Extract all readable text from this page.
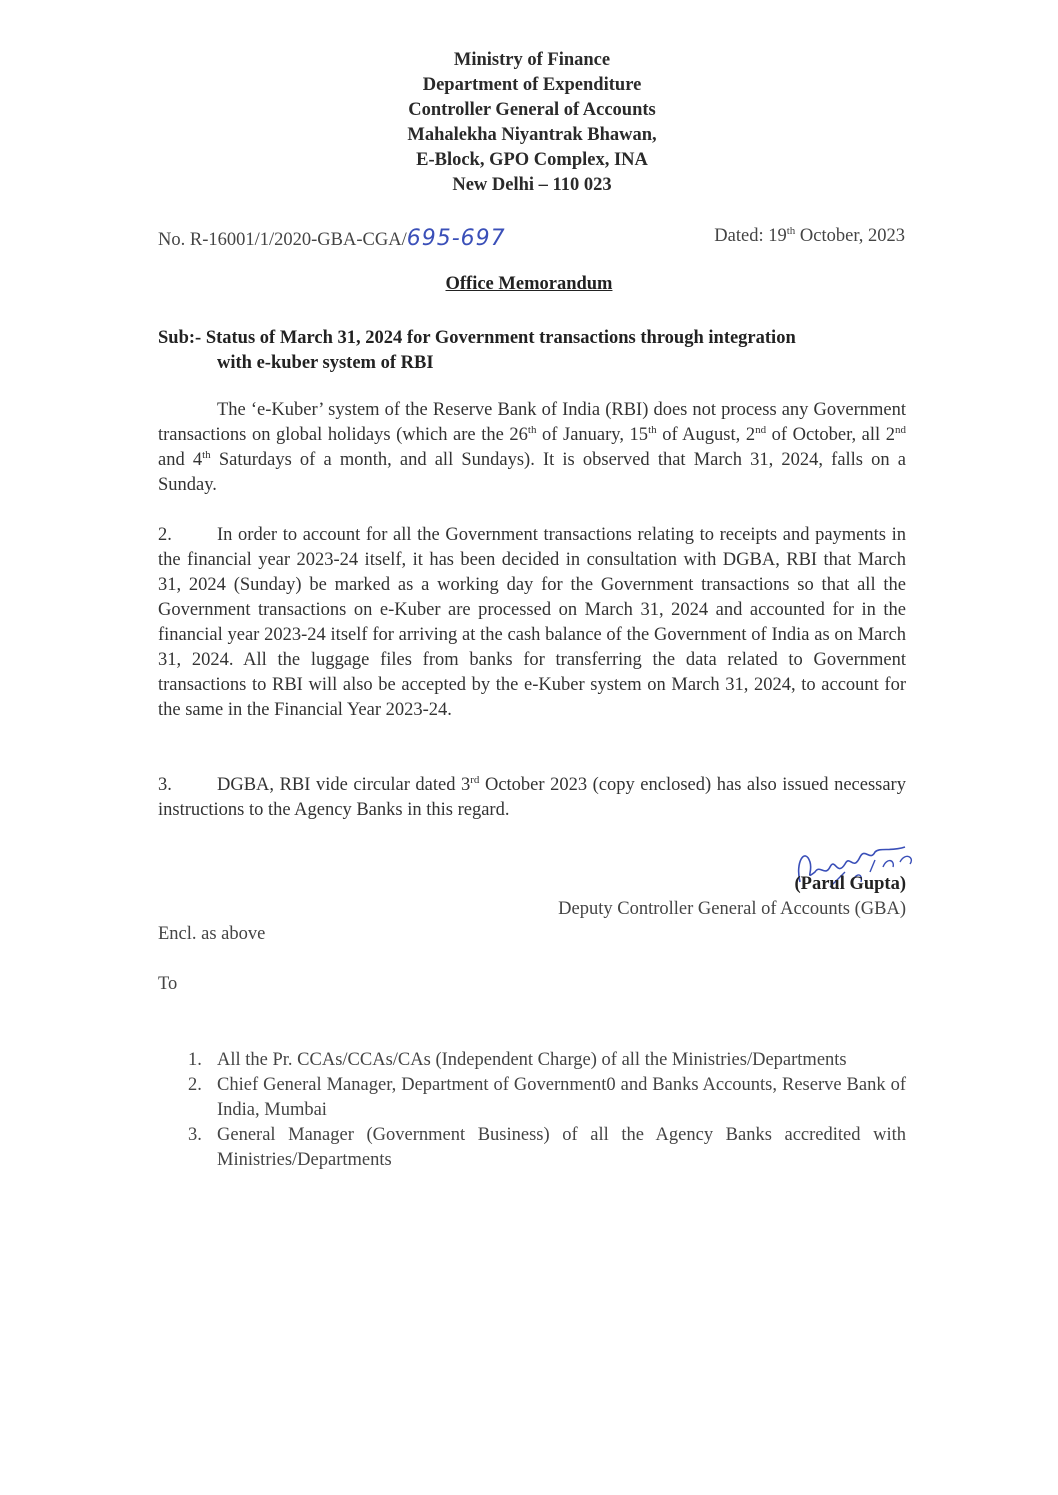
Ministry of Finance
Department of Expenditure
Controller General of Accounts
Mahalekha Niyantrak Bhawan,
E-Block, GPO Complex, INA
New Delhi – 110 023
No. R-16001/1/2020-GBA-CGA/695-697	Dated: 19th October, 2023
Office Memorandum
Sub:- Status of March 31, 2024 for Government transactions through integration
with e-kuber system of RBI
The ‘e-Kuber’ system of the Reserve Bank of India (RBI) does not process any Government transactions on global holidays (which are the 26th of January, 15th of August, 2nd of October, all 2nd and 4th Saturdays of a month, and all Sundays). It is observed that March 31, 2024, falls on a Sunday.
2. In order to account for all the Government transactions relating to receipts and payments in the financial year 2023-24 itself, it has been decided in consultation with DGBA, RBI that March 31, 2024 (Sunday) be marked as a working day for the Government transactions so that all the Government transactions on e-Kuber are processed on March 31, 2024 and accounted for in the financial year 2023-24 itself for arriving at the cash balance of the Government of India as on March 31, 2024. All the luggage files from banks for transferring the data related to Government transactions to RBI will also be accepted by the e-Kuber system on March 31, 2024, to account for the same in the Financial Year 2023-24.
3. DGBA, RBI vide circular dated 3rd October 2023 (copy enclosed) has also issued necessary instructions to the Agency Banks in this regard.
(Parul Gupta)
Deputy Controller General of Accounts (GBA)
Encl. as above
To
1. All the Pr. CCAs/CCAs/CAs (Independent Charge) of all the Ministries/Departments
2. Chief General Manager, Department of Government0 and Banks Accounts, Reserve Bank of India, Mumbai
3. General Manager (Government Business) of all the Agency Banks accredited with Ministries/Departments
